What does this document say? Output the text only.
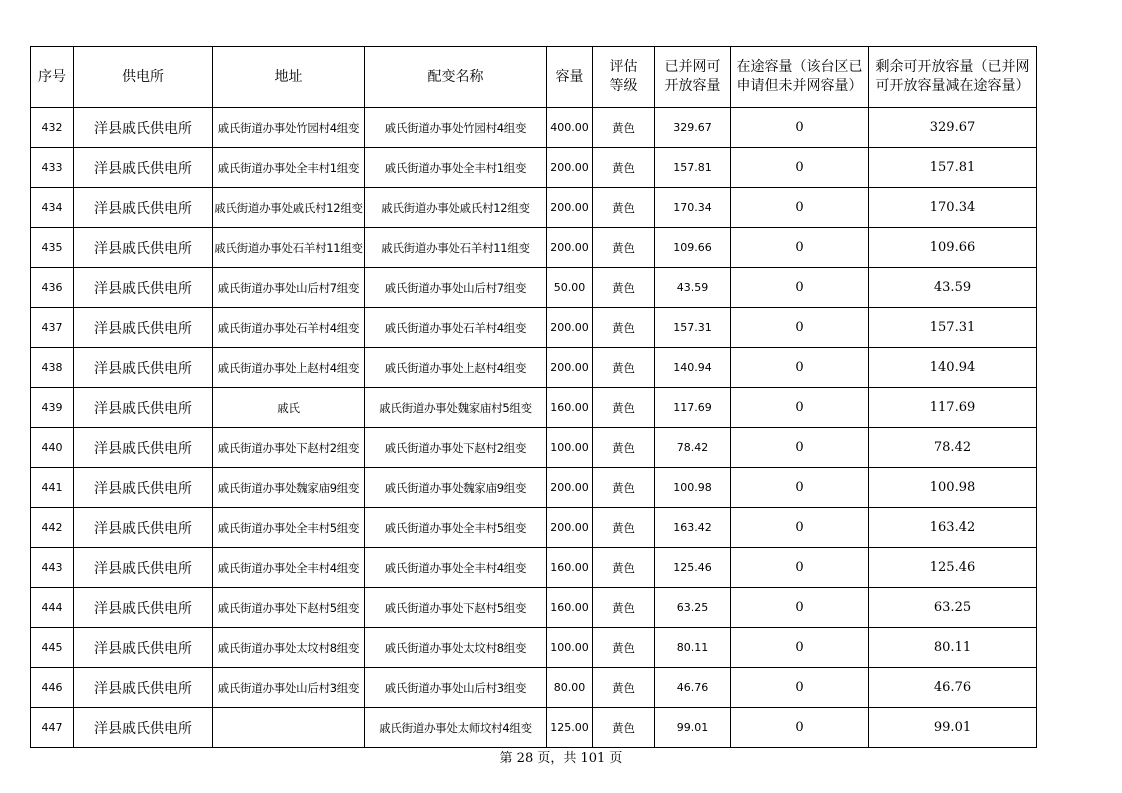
序号	供电所	地址	配变名称	容量	评估等级	已并网可开放容量	在途容量（该台区已申请但未并网容量）	剩余可开放容量（已并网可开放容量减在途容量）
432	洋县戚氏供电所	戚氏街道办事处竹园村4组变	戚氏街道办事处竹园村4组变	400.00	黄色	329.67	0	329.67
433	洋县戚氏供电所	戚氏街道办事处全丰村1组变	戚氏街道办事处全丰村1组变	200.00	黄色	157.81	0	157.81
434	洋县戚氏供电所	戚氏街道办事处戚氏村12组变	戚氏街道办事处戚氏村12组变	200.00	黄色	170.34	0	170.34
435	洋县戚氏供电所	戚氏街道办事处石羊村11组变	戚氏街道办事处石羊村11组变	200.00	黄色	109.66	0	109.66
436	洋县戚氏供电所	戚氏街道办事处山后村7组变	戚氏街道办事处山后村7组变	50.00	黄色	43.59	0	43.59
437	洋县戚氏供电所	戚氏街道办事处石羊村4组变	戚氏街道办事处石羊村4组变	200.00	黄色	157.31	0	157.31
438	洋县戚氏供电所	戚氏街道办事处上赵村4组变	戚氏街道办事处上赵村4组变	200.00	黄色	140.94	0	140.94
439	洋县戚氏供电所	戚氏	戚氏街道办事处魏家庙村5组变	160.00	黄色	117.69	0	117.69
440	洋县戚氏供电所	戚氏街道办事处下赵村2组变	戚氏街道办事处下赵村2组变	100.00	黄色	78.42	0	78.42
441	洋县戚氏供电所	戚氏街道办事处魏家庙9组变	戚氏街道办事处魏家庙9组变	200.00	黄色	100.98	0	100.98
442	洋县戚氏供电所	戚氏街道办事处全丰村5组变	戚氏街道办事处全丰村5组变	200.00	黄色	163.42	0	163.42
443	洋县戚氏供电所	戚氏街道办事处全丰村4组变	戚氏街道办事处全丰村4组变	160.00	黄色	125.46	0	125.46
444	洋县戚氏供电所	戚氏街道办事处下赵村5组变	戚氏街道办事处下赵村5组变	160.00	黄色	63.25	0	63.25
445	洋县戚氏供电所	戚氏街道办事处太坟村8组变	戚氏街道办事处太坟村8组变	100.00	黄色	80.11	0	80.11
446	洋县戚氏供电所	戚氏街道办事处山后村3组变	戚氏街道办事处山后村3组变	80.00	黄色	46.76	0	46.76
447	洋县戚氏供电所		戚氏街道办事处太师坟村4组变	125.00	黄色	99.01	0	99.01
第 28 页，共 101 页
